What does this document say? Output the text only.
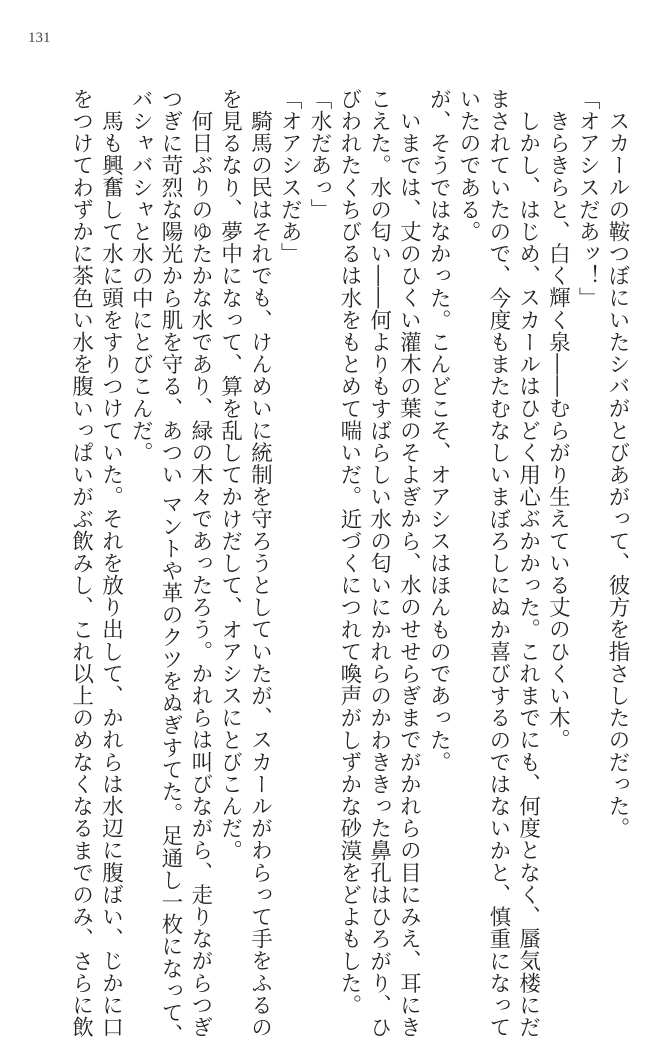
131
スカールの鞍つぼにいたシバがとびあがって、彼方を指さしたのだった。
「オアシスだあッ！」
きらきらと、白く輝く泉――むらがり生えている丈のひくい木。
しかし、はじめ、スカールはひどく用心ぶかかった。これまでにも、何度となく、蜃気楼にだ
まされていたので、今度もまたむなしいまぼろしにぬか喜びするのではないかと、慎重になって
いたのである。
が、そうではなかった。こんどこそ、オアシスはほんものであった。
いまでは、丈のひくい灌木の葉のそよぎから、水のせせらぎまでがかれらの目にみえ、耳にき
こえた。水の匂い――何よりもすばらしい水の匂いにかれらのかわききった鼻孔はひろがり、ひ
びわれたくちびるは水をもとめて喘いだ。近づくにつれて喚声がしずかな砂漠をどよもした。
「水だあっ」
「オアシスだあ」
騎馬の民はそれでも、けんめいに統制を守ろうとしていたが、スカールがわらって手をふるの
を見るなり、夢中になって、算を乱してかけだして、オアシスにとびこんだ。
何日ぶりのゆたかな水であり、緑の木々であったろう。かれらは叫びながら、走りながらつぎ
つぎに苛烈な陽光から肌を守る、あつい マントや革のクツをぬぎすてた。足通し一枚になって、
バシャバシャと水の中にとびこんだ。
馬も興奮して水に頭をすりつけていた。それを放り出して、かれらは水辺に腹ばい、じかに口
をつけてわずかに茶色い水を腹いっぱいがぶ飲みし、これ以上のめなくなるまでのみ、さらに飲
